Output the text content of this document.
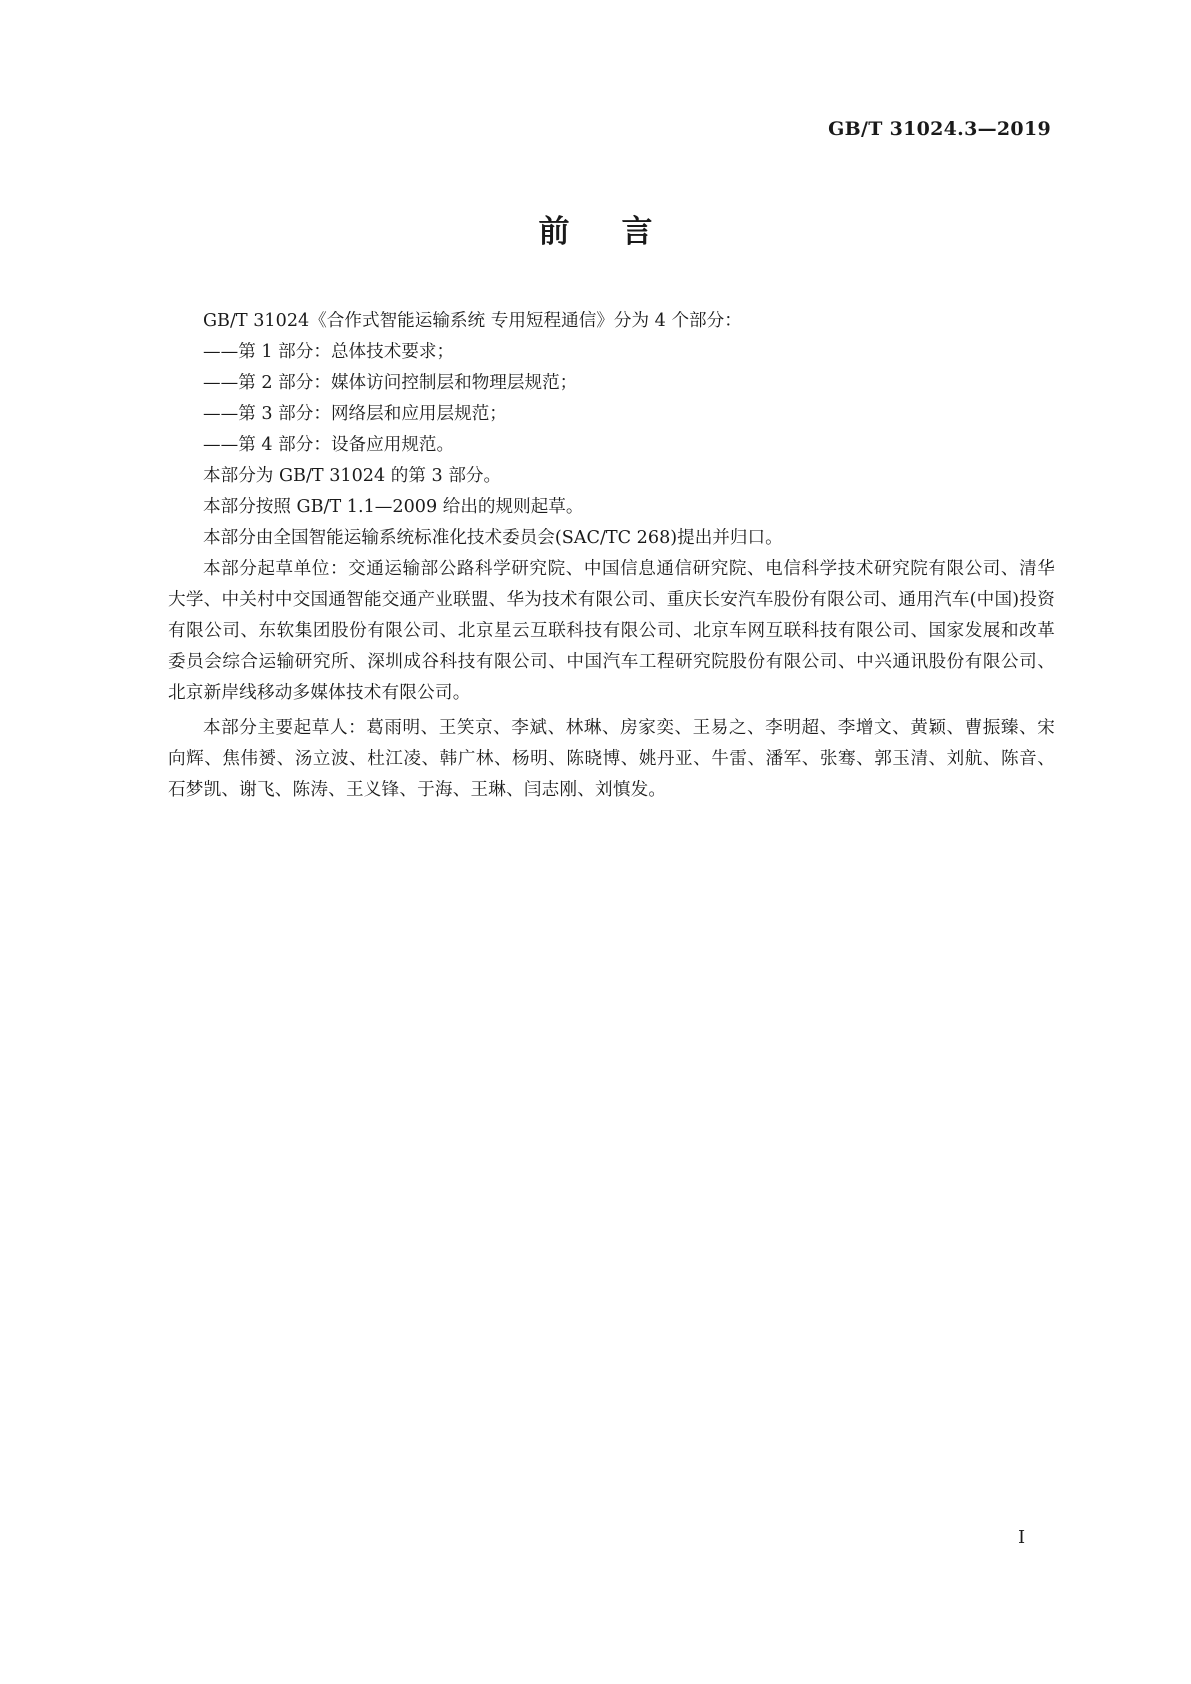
GB/T 31024.3—2019
前言

GB/T 31024《合作式智能运输系统 专用短程通信》分为 4 个部分：

——第 1 部分：总体技术要求；

——第 2 部分：媒体访问控制层和物理层规范；

——第 3 部分：网络层和应用层规范；

——第 4 部分：设备应用规范。

本部分为 GB/T 31024 的第 3 部分。

本部分按照 GB/T 1.1—2009 给出的规则起草。

本部分由全国智能运输系统标准化技术委员会(SAC/TC 268)提出并归口。

本部分起草单位：交通运输部公路科学研究院、中国信息通信研究院、电信科学技术研究院有限公司、清华大学、中关村中交国通智能交通产业联盟、华为技术有限公司、重庆长安汽车股份有限公司、通用汽车(中国)投资有限公司、东软集团股份有限公司、北京星云互联科技有限公司、北京车网互联科技有限公司、国家发展和改革委员会综合运输研究所、深圳成谷科技有限公司、中国汽车工程研究院股份有限公司、中兴通讯股份有限公司、北京新岸线移动多媒体技术有限公司。

本部分主要起草人：葛雨明、王笑京、李斌、林琳、房家奕、王易之、李明超、李增文、黄颖、曹振臻、宋向辉、焦伟赟、汤立波、杜江凌、韩广林、杨明、陈晓博、姚丹亚、牛雷、潘军、张骞、郭玉清、刘航、陈音、石梦凯、谢飞、陈涛、王义锋、于海、王琳、闫志刚、刘慎发。

I
